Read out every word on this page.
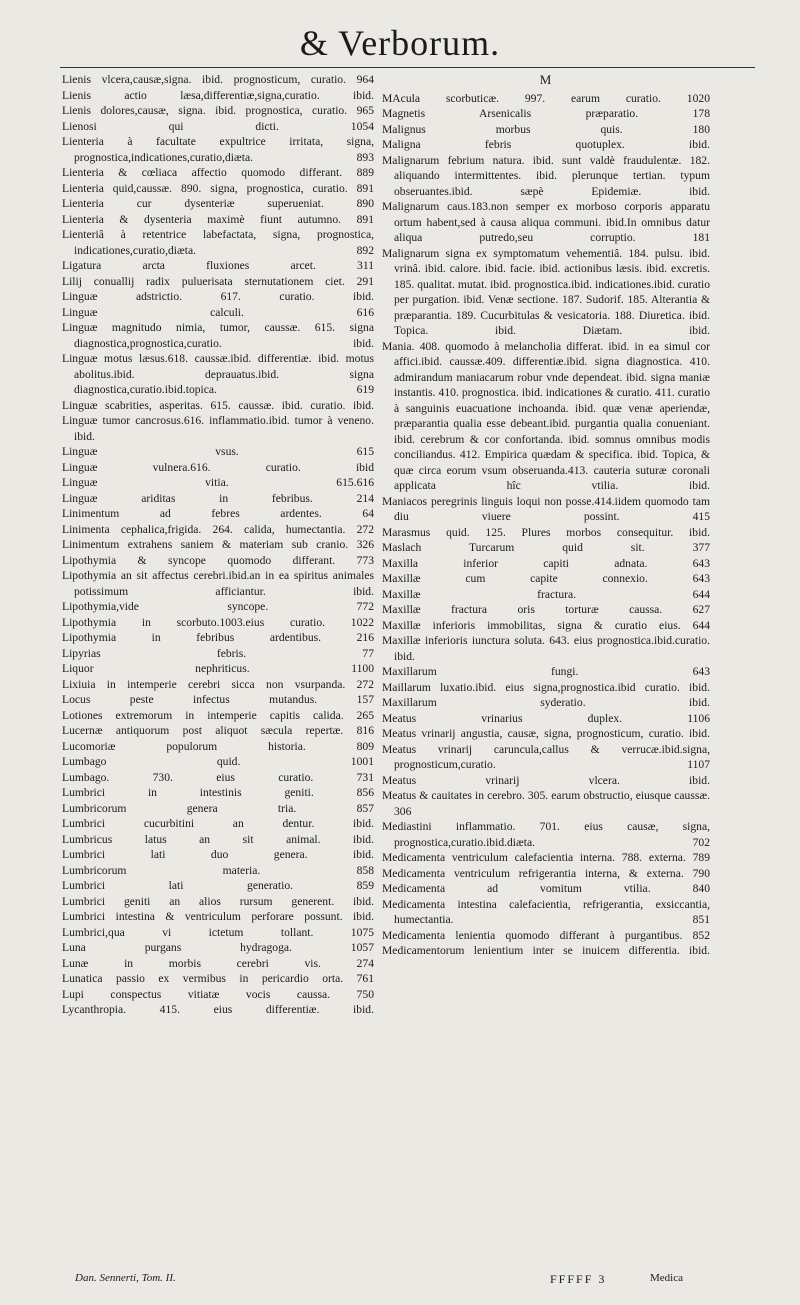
& Verborum.
Lienis vlcera,causæ,signa. ibid. prognosticum, curatio. 964
Lienis actio læsa,differentiæ,signa,curatio. ibid.
Lienis dolores,causæ, signa. ibid. prognostica, curatio. 965
Lienosi qui dicti. 1054
Lienteria à facultate expultrice irritata, signa, prognostica,indicationes,curatio,diæta. 893
Lienteria & cœliaca affectio quomodo differant. 889
Lienteria quid,caussæ. 890. signa, prognostica, curatio. 891
Lienteria cur dysenteriæ superueniat. 890
Lienteria & dysenteria maximè fiunt autumno. 891
Lienteriâ à retentrice labefactata, signa, prognostica, indicationes,curatio,diæta. 892
Ligatura arcta fluxiones arcet. 311
Lilij conuallij radix puluerisata sternutationem ciet. 291
Linguæ adstrictio. 617. curatio. ibid.
Linguæ calculi. 616
Linguæ magnitudo nimia, tumor, caussæ. 615. signa diagnostica,prognostica,curatio. ibid.
Linguæ motus læsus.618. caussæ.ibid. differentiæ. ibid. motus abolitus.ibid. deprauatus.ibid. signa diagnostica,curatio.ibid.topica. 619
Linguæ scabrities, asperitas. 615. caussæ. ibid. curatio. ibid.
Linguæ tumor cancrosus.616. inflammatio.ibid. tumor à veneno. ibid.
Linguæ vsus. 615
Linguæ vulnera.616. curatio. ibid
Linguæ vitia. 615.616
Linguæ ariditas in febribus. 214
Linimentum ad febres ardentes. 64
Linimenta cephalica,frigida. 264. calida, humectantia. 272
Linimentum extrahens saniem & materiam sub cranio. 326
Lipothymia & syncope quomodo differant. 773
Lipothymia an sit affectus cerebri.ibid.an in ea spiritus animales potissimum afficiantur. ibid.
Lipothymia,vide syncope. 772
Lipothymia in scorbuto.1003.eius curatio. 1022
Lipothymia in febribus ardentibus. 216
Lipyrias febris. 77
Liquor nephriticus. 1100
Lixiuia in intemperie cerebri sicca non vsurpanda. 272
Locus peste infectus mutandus. 157
Lotiones extremorum in intemperie capitis calida. 265
Lucernæ antiquorum post aliquot sæcula repertæ. 816
Lucomoriæ populorum historia. 809
Lumbago quid. 1001
Lumbago. 730. eius curatio. 731
Lumbrici in intestinis geniti. 856
Lumbricorum genera tria. 857
Lumbrici cucurbitini an dentur. ibid.
Lumbricus latus an sit animal. ibid.
Lumbrici lati duo genera. ibid.
Lumbricorum materia. 858
Lumbrici lati generatio. 859
Lumbrici geniti an alios rursum generent. ibid.
Lumbrici intestina & ventriculum perforare possunt. ibid.
Lumbrici,qua vi ictetum tollant. 1075
Luna purgans hydragoga. 1057
Lunæ in morbis cerebri vis. 274
Lunatica passio ex vermibus in pericardio orta. 761
Lupi conspectus vitiatæ vocis caussa. 750
Lycanthropia. 415. eius differentiæ. ibid.
M
MAcula scorbuticæ. 997. earum curatio. 1020
Magnetis Arsenicalis præparatio. 178
Malignus morbus quis. 180
Maligna febris quotuplex. ibid.
Malignarum febrium natura. ibid. sunt valdè fraudulentæ. 182. aliquando intermittentes. ibid. plerunque tertian. typum obseruantes.ibid. sæpè Epidemiæ. ibid.
Malignarum caus.183.non semper ex morboso corporis apparatu ortum habent,sed à causa aliqua communi. ibid.In omnibus datur aliqua putredo,seu corruptio. 181
Malignarum signa ex symptomatum vehementiâ. 184. pulsu. ibid. vrinâ. ibid. calore. ibid. facie. ibid. actionibus læsis. ibid. excretis. 185. qualitat. mutat. ibid. prognostica.ibid. indicationes.ibid. curatio per purgation. ibid. Venæ sectione. 187. Sudorif. 185. Alterantia & præparantia. 189. Cucurbitulas & vesicatoria. 188. Diuretica. ibid. Topica. ibid. Diætam. ibid.
Mania. 408. quomodo à melancholia differat. ibid. in ea simul cor affici.ibid. caussæ.409. differentiæ.ibid. signa diagnostica. 410. admirandum maniacarum robur vnde dependeat. ibid. signa maniæ instantis. 410. prognostica. ibid. indicationes & curatio. 411. curatio à sanguinis euacuatione inchoanda. ibid. quæ venæ aperiendæ, præparantia qualia esse debeant.ibid. purgantia qualia conueniant. ibid. cerebrum & cor confortanda. ibid. somnus omnibus modis conciliandus. 412. Empirica quædam & specifica. ibid. Topica, & quæ circa eorum vsum obseruanda.413. cauteria suturæ coronali applicata hîc vtilia. ibid.
Maniacos peregrinis linguis loqui non posse.414.iidem quomodo tam diu viuere possint. 415
Marasmus quid. 125. Plures morbos consequitur. ibid.
Maslach Turcarum quid sit. 377
Maxilla inferior capiti adnata. 643
Maxillæ cum capite connexio. 643
Maxillæ fractura. 644
Maxillæ fractura oris torturæ caussa. 627
Maxillæ inferioris immobilitas, signa & curatio eius. 644
Maxillæ inferioris iunctura soluta. 643. eius prognostica.ibid.curatio. ibid.
Maxillarum fungi. 643
Maillarum luxatio.ibid. eius signa,prognostica.ibid curatio. ibid.
Maxillarum syderatio. ibid.
Meatus vrinarius duplex. 1106
Meatus vrinarij angustia, causæ, signa, prognosticum, curatio. ibid.
Meatus vrinarij caruncula,callus & verrucæ.ibid.signa, prognosticum,curatio. 1107
Meatus vrinarij vlcera. ibid.
Meatus & cauitates in cerebro. 305. earum obstructio, eiusque caussæ. 306
Mediastini inflammatio. 701. eius causæ, signa, prognostica,curatio.ibid.diæta. 702
Medicamenta ventriculum calefacientia interna. 788. externa. 789
Medicamenta ventriculum refrigerantia interna, & externa. 790
Medicamenta ad vomitum vtilia. 840
Medicamenta intestina calefacientia, refrigerantia, exsiccantia, humectantia. 851
Medicamenta lenientia quomodo differant à purgantibus. 852
Medicamentorum lenientium inter se inuicem differentia. ibid.
Dan. Sennerti, Tom. II.	FFFFF 3	Medica
